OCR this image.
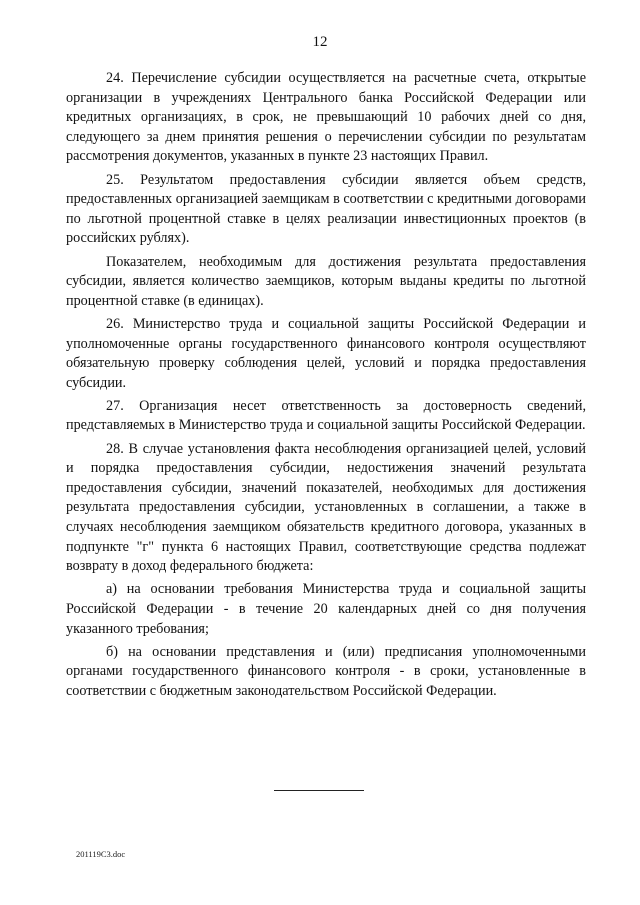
12

24. Перечисление субсидии осуществляется на расчетные счета, открытые организации в учреждениях Центрального банка Российской Федерации или кредитных организациях, в срок, не превышающий 10 рабочих дней со дня, следующего за днем принятия решения о перечислении субсидии по результатам рассмотрения документов, указанных в пункте 23 настоящих Правил.

25. Результатом предоставления субсидии является объем средств, предоставленных организацией заемщикам в соответствии с кредитными договорами по льготной процентной ставке в целях реализации инвестиционных проектов (в российских рублях).

Показателем, необходимым для достижения результата предоставления субсидии, является количество заемщиков, которым выданы кредиты по льготной процентной ставке (в единицах).

26. Министерство труда и социальной защиты Российской Федерации и уполномоченные органы государственного финансового контроля осуществляют обязательную проверку соблюдения целей, условий и порядка предоставления субсидии.

27. Организация несет ответственность за достоверность сведений, представляемых в Министерство труда и социальной защиты Российской Федерации.

28. В случае установления факта несоблюдения организацией целей, условий и порядка предоставления субсидии, недостижения значений результата предоставления субсидии, значений показателей, необходимых для достижения результата предоставления субсидии, установленных в соглашении, а также в случаях несоблюдения заемщиком обязательств кредитного договора, указанных в подпункте "г" пункта 6 настоящих Правил, соответствующие средства подлежат возврату в доход федерального бюджета:

а) на основании требования Министерства труда и социальной защиты Российской Федерации - в течение 20 календарных дней со дня получения указанного требования;

б) на основании представления и (или) предписания уполномоченными органами государственного финансового контроля - в сроки, установленные в соответствии с бюджетным законодательством Российской Федерации.

201119C3.doc
